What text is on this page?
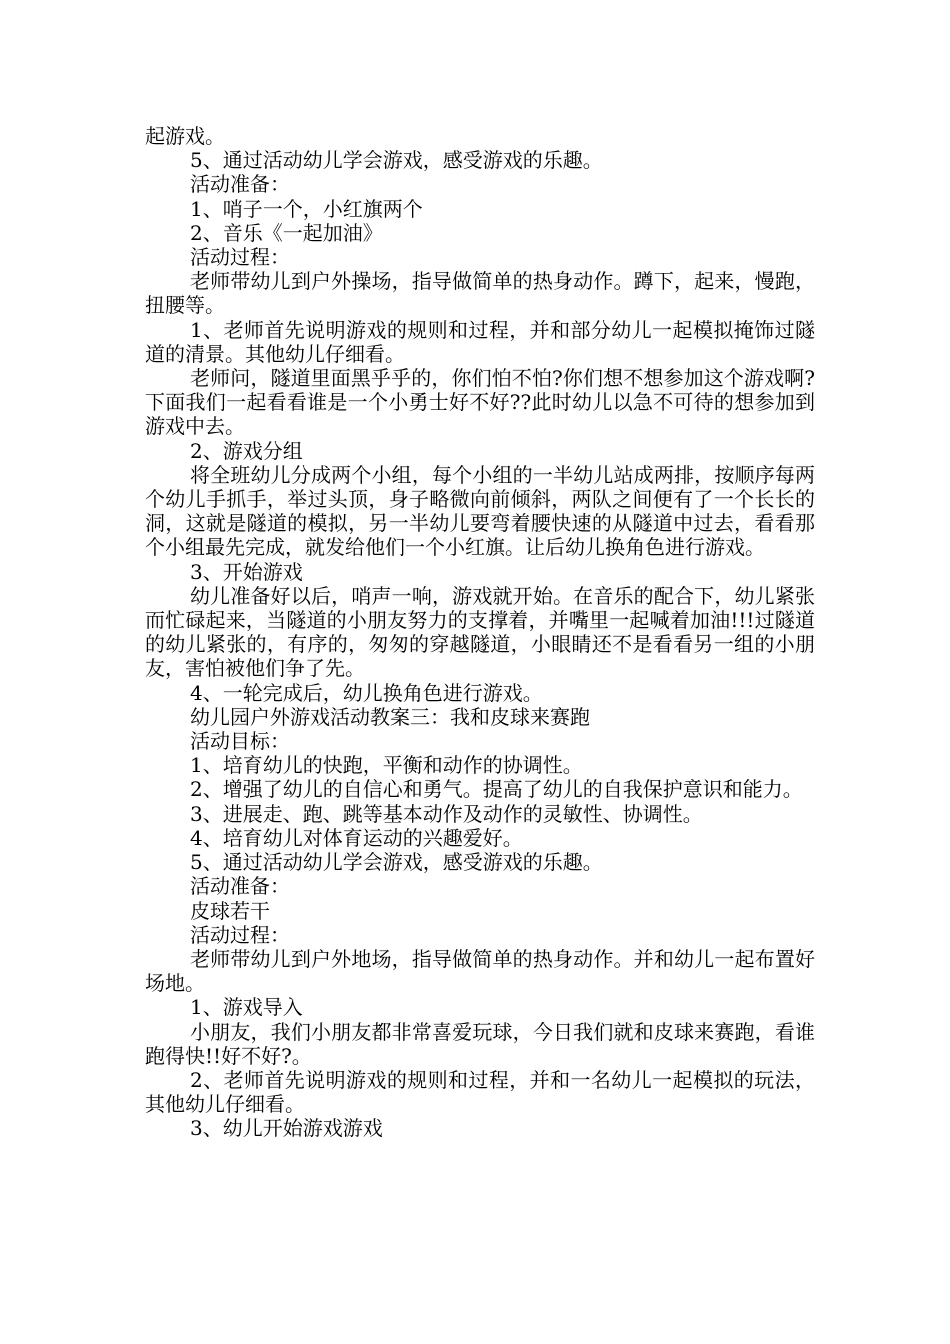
起游戏。

5、通过活动幼儿学会游戏，感受游戏的乐趣。

活动准备：

1、哨子一个，小红旗两个

2、音乐《一起加油》

活动过程：

老师带幼儿到户外操场，指导做简单的热身动作。蹲下，起来，慢跑，扭腰等。

1、老师首先说明游戏的规则和过程，并和部分幼儿一起模拟掩饰过隧道的清景。其他幼儿仔细看。

老师问，隧道里面黑乎乎的，你们怕不怕?你们想不想参加这个游戏啊?下面我们一起看看谁是一个小勇士好不好??此时幼儿以急不可待的想参加到游戏中去。

2、游戏分组

将全班幼儿分成两个小组，每个小组的一半幼儿站成两排，按顺序每两个幼儿手抓手，举过头顶，身子略微向前倾斜，两队之间便有了一个长长的洞，这就是隧道的模拟，另一半幼儿要弯着腰快速的从隧道中过去，看看那个小组最先完成，就发给他们一个小红旗。让后幼儿换角色进行游戏。

3、开始游戏

幼儿准备好以后，哨声一响，游戏就开始。在音乐的配合下，幼儿紧张而忙碌起来，当隧道的小朋友努力的支撑着，并嘴里一起喊着加油!!!过隧道的幼儿紧张的，有序的，匆匆的穿越隧道，小眼睛还不是看看另一组的小朋友，害怕被他们争了先。

4、一轮完成后，幼儿换角色进行游戏。

幼儿园户外游戏活动教案三：我和皮球来赛跑

活动目标：

1、培育幼儿的快跑，平衡和动作的协调性。

2、增强了幼儿的自信心和勇气。提高了幼儿的自我保护意识和能力。

3、进展走、跑、跳等基本动作及动作的灵敏性、协调性。

4、培育幼儿对体育运动的兴趣爱好。

5、通过活动幼儿学会游戏，感受游戏的乐趣。

活动准备：

皮球若干

活动过程：

老师带幼儿到户外地场，指导做简单的热身动作。并和幼儿一起布置好场地。

1、游戏导入

小朋友，我们小朋友都非常喜爱玩球，今日我们就和皮球来赛跑，看谁跑得快!!好不好?。

2、老师首先说明游戏的规则和过程，并和一名幼儿一起模拟的玩法，其他幼儿仔细看。

3、幼儿开始游戏游戏
